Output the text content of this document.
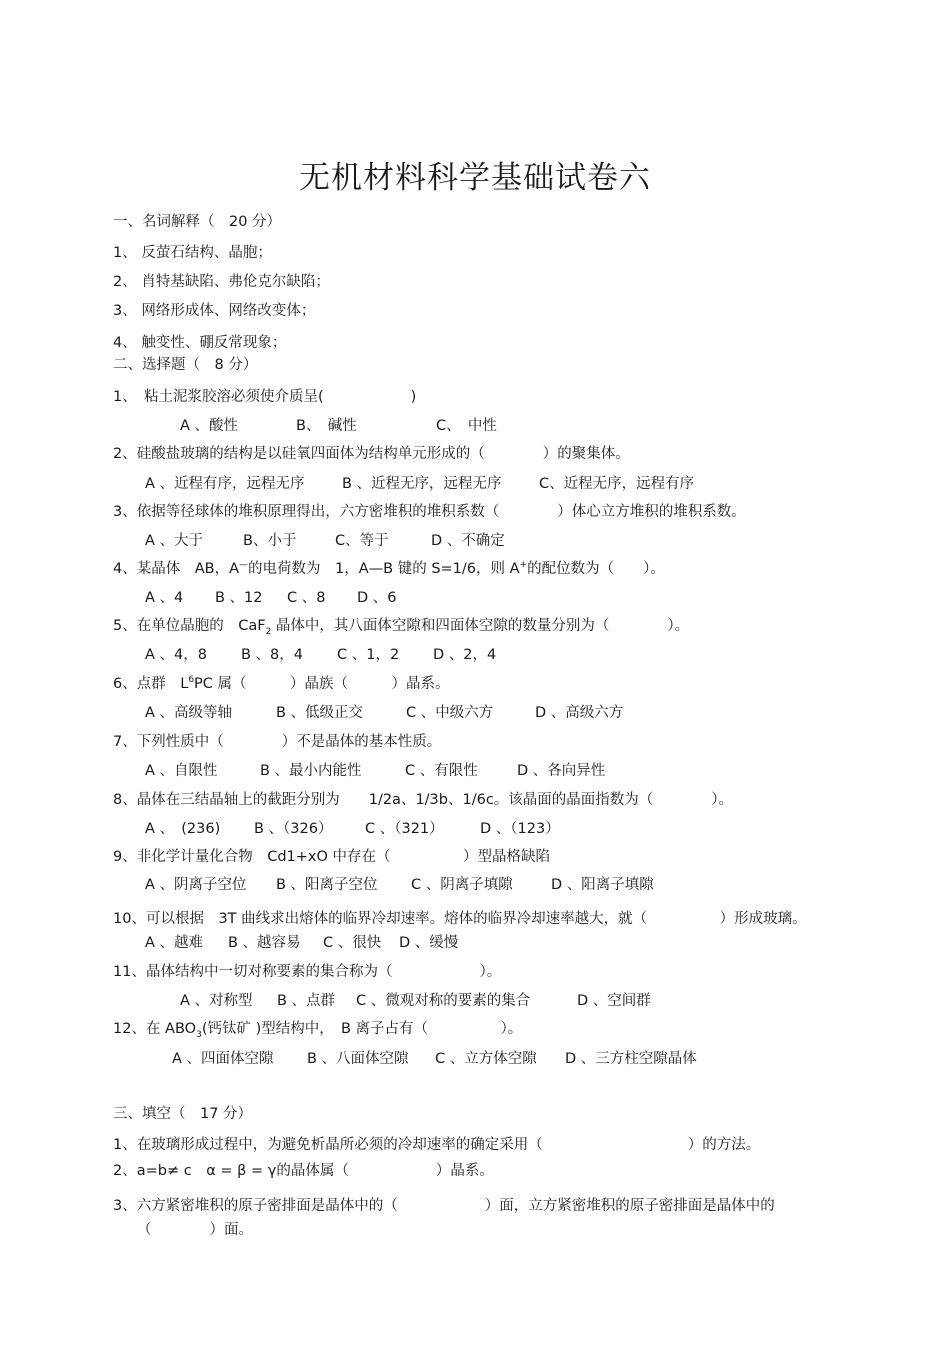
无机材料科学基础试卷六
一、名词解释（　20 分）
1、 反萤石结构、晶胞；
2、 肖特基缺陷、弗伦克尔缺陷；
3、 网络形成体、网络改变体；
4、 触变性、硼反常现象；
二、选择题（　8 分）
1、　粘土泥浆胶溶必须使介质呈(　　　　　　)
A 、酸性	B、　碱性	C、　中性
2、硅酸盐玻璃的结构是以硅氧四面体为结构单元形成的（　　　　）的聚集体。
A 、近程有序，远程无序	B 、近程无序，远程无序	C、近程无序，远程有序
3、依据等径球体的堆积原理得出，六方密堆积的堆积系数（　　　　）体心立方堆积的堆积系数。
A 、大于	B、小于	C、等于	D 、不确定
4、某晶体　AB，A—的电荷数为　1，A—B 键的 S=1/6，则 A+的配位数为（　　）。
A 、4 B 、12 C 、8 D 、6
5、在单位晶胞的　CaF$_2$ 晶体中，其八面体空隙和四面体空隙的数量分别为（　　　　）。
A 、4，8 B 、8，4 C 、1，2 D 、2，4
6、点群　$L^6PC$ 属（　　　）晶族（　　　）晶系。
A 、高级等轴	B 、低级正交	C 、中级六方	D 、高级六方
7、下列性质中（　　　　）不是晶体的基本性质。
A 、自限性	B 、最小内能性	C 、有限性	D 、各向异性
8、晶体在三结晶轴上的截距分别为　　1/2a、1/3b、1/6c。该晶面的晶面指数为（　　　　）。
A 、　(236) B 、（326） C 、（321）	D 、（123）
9、非化学计量化合物　Cd1+xO 中存在（　　　　　）型晶格缺陷
A 、阴离子空位 B 、阳离子空位 C 、阴离子填隙	D 、阳离子填隙
10、可以根据　3T 曲线求出熔体的临界冷却速率。熔体的临界冷却速率越大，就（　　　　　）形成玻璃。
A 、越难 B 、越容易 C 、很快 D 、缓慢
11、晶体结构中一切对称要素的集合称为（　　　　　　）。
A 、对称型 B 、点群 C 、微观对称的要素的集合	D 、空间群
12、在 $ABO_3$(钙钛矿 )型结构中，　B 离子占有（　　　　　）。
A 、四面体空隙 B 、八面体空隙 C 、立方体空隙 D 、三方柱空隙晶体
三、填空（　17 分）
1、在玻璃形成过程中，为避免析晶所必须的冷却速率的确定采用（　　　　　　　　　　）的方法。
2、a=b≠ c　α = β = γ的晶体属（　　　　　　）晶系。
3、六方紧密堆积的原子密排面是晶体中的（　　　　　　）面，立方紧密堆积的原子密排面是晶体中的
（　　　　）面。
